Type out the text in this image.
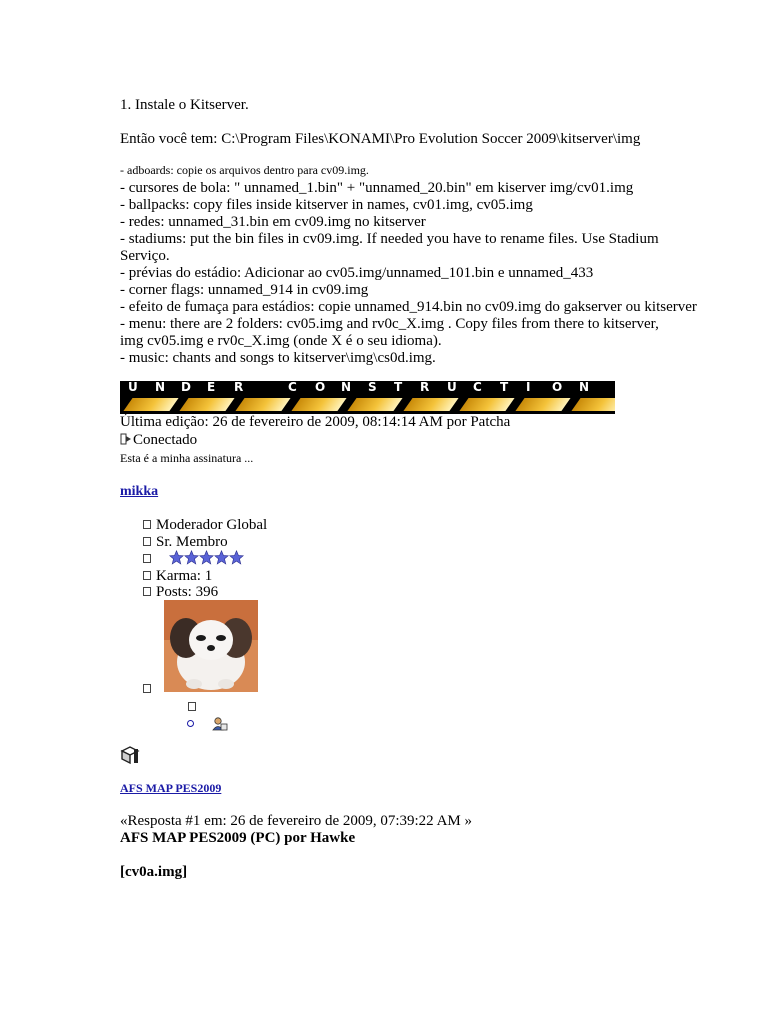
1. Instale o Kitserver.
Então você tem: C:\Program Files\KONAMI\Pro Evolution Soccer 2009\kitserver\img
- adboards: copie os arquivos dentro para cv09.img.
- cursores de bola: " unnamed_1.bin" + "unnamed_20.bin" em kiserver img/cv01.img
- ballpacks: copy files inside kitserver in names, cv01.img, cv05.img
- redes: unnamed_31.bin em cv09.img no kitserver
- stadiums: put the bin files in cv09.img. If needed you have to rename files. Use Stadium
Serviço.
- prévias do estádio: Adicionar ao cv05.img/unnamed_101.bin e unnamed_433
- corner flags: unnamed_914 in cv09.img
- efeito de fumaça para estádios: copie unnamed_914.bin no cv09.img do gakserver ou kitserver
- menu: there are 2 folders: cv05.img and rv0c_X.img . Copy files from there to kitserver,
img cv05.img e rv0c_X.img (onde X é o seu idioma).
- music: chants and songs to kitserver\img\cs0d.img.
U N D E R	C O N S T R U C T I O N
Última edição: 26 de fevereiro de 2009, 08:14:14 AM por Patcha
Conectado
Esta é a minha assinatura ...
mikka
Moderador Global
Sr. Membro

Karma: 1
Posts: 396

AFS MAP PES2009
«Resposta #1 em: 26 de fevereiro de 2009, 07:39:22 AM »
AFS MAP PES2009 (PC) por Hawke
[cv0a.img]
